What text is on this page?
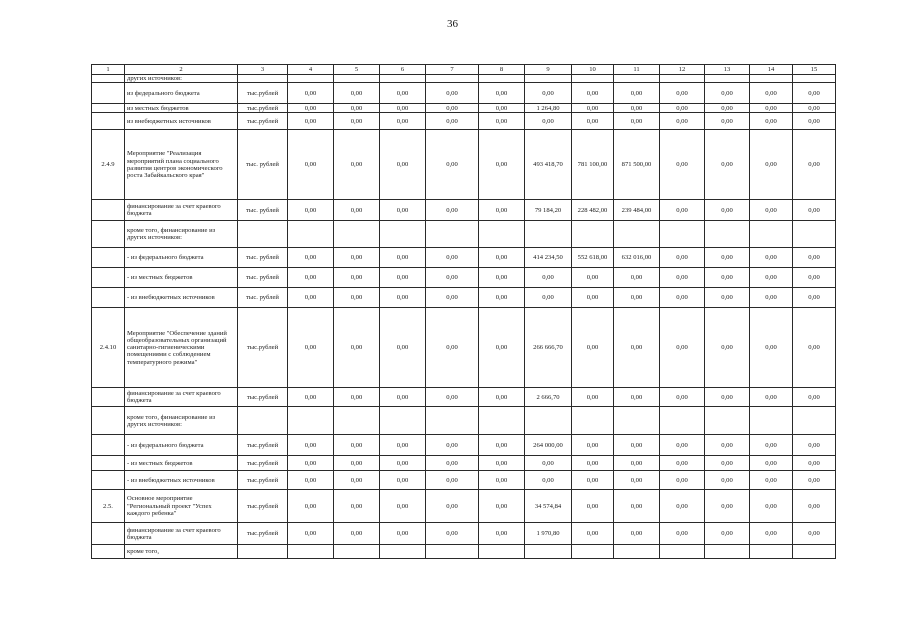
36
1	2	3	4	5	6	7	8	9	10	11	12	13	14	15
	других источников:													
	из федерального бюджета	тыс.рублей	0,00	0,00	0,00	0,00	0,00	0,00	0,00	0,00	0,00	0,00	0,00	0,00
	из местных бюджетов	тыс.рублей	0,00	0,00	0,00	0,00	0,00	1 264,80	0,00	0,00	0,00	0,00	0,00	0,00
	из внебюджетных источников	тыс.рублей	0,00	0,00	0,00	0,00	0,00	0,00	0,00	0,00	0,00	0,00	0,00	0,00
2.4.9	Мероприятие "Реализация мероприятий плана социального развития центров экономического роста Забайкальского края"	тыс. рублей	0,00	0,00	0,00	0,00	0,00	493 418,70	781 100,00	871 500,00	0,00	0,00	0,00	0,00
	финансирование за счет краевого бюджета	тыс. рублей	0,00	0,00	0,00	0,00	0,00	79 184,20	228 482,00	239 484,00	0,00	0,00	0,00	0,00
	кроме того, финансирование из других источников:													
	- из федерального бюджета	тыс. рублей	0,00	0,00	0,00	0,00	0,00	414 234,50	552 618,00	632 016,00	0,00	0,00	0,00	0,00
	- из местных бюджетов	тыс. рублей	0,00	0,00	0,00	0,00	0,00	0,00	0,00	0,00	0,00	0,00	0,00	0,00
	- из внебюджетных источников	тыс. рублей	0,00	0,00	0,00	0,00	0,00	0,00	0,00	0,00	0,00	0,00	0,00	0,00
2.4.10	Мероприятие "Обеспечение зданий общеобразовательных организаций санитарно-гигиеническими помещениями с соблюдением температурного режима"	тыс.рублей	0,00	0,00	0,00	0,00	0,00	266 666,70	0,00	0,00	0,00	0,00	0,00	0,00
	финансирование за счет краевого бюджета	тыс.рублей	0,00	0,00	0,00	0,00	0,00	2 666,70	0,00	0,00	0,00	0,00	0,00	0,00
	кроме того, финансирование из других источников:													
	- из федерального бюджета	тыс.рублей	0,00	0,00	0,00	0,00	0,00	264 000,00	0,00	0,00	0,00	0,00	0,00	0,00
	- из местных бюджетов	тыс.рублей	0,00	0,00	0,00	0,00	0,00	0,00	0,00	0,00	0,00	0,00	0,00	0,00
	- из внебюджетных источников	тыс.рублей	0,00	0,00	0,00	0,00	0,00	0,00	0,00	0,00	0,00	0,00	0,00	0,00
2.5.	Основное мероприятие "Региональный проект "Успех каждого ребенка"	тыс.рублей	0,00	0,00	0,00	0,00	0,00	34 574,84	0,00	0,00	0,00	0,00	0,00	0,00
	финансирование за счет краевого бюджета	тыс.рублей	0,00	0,00	0,00	0,00	0,00	1 970,80	0,00	0,00	0,00	0,00	0,00	0,00
	кроме того,													
